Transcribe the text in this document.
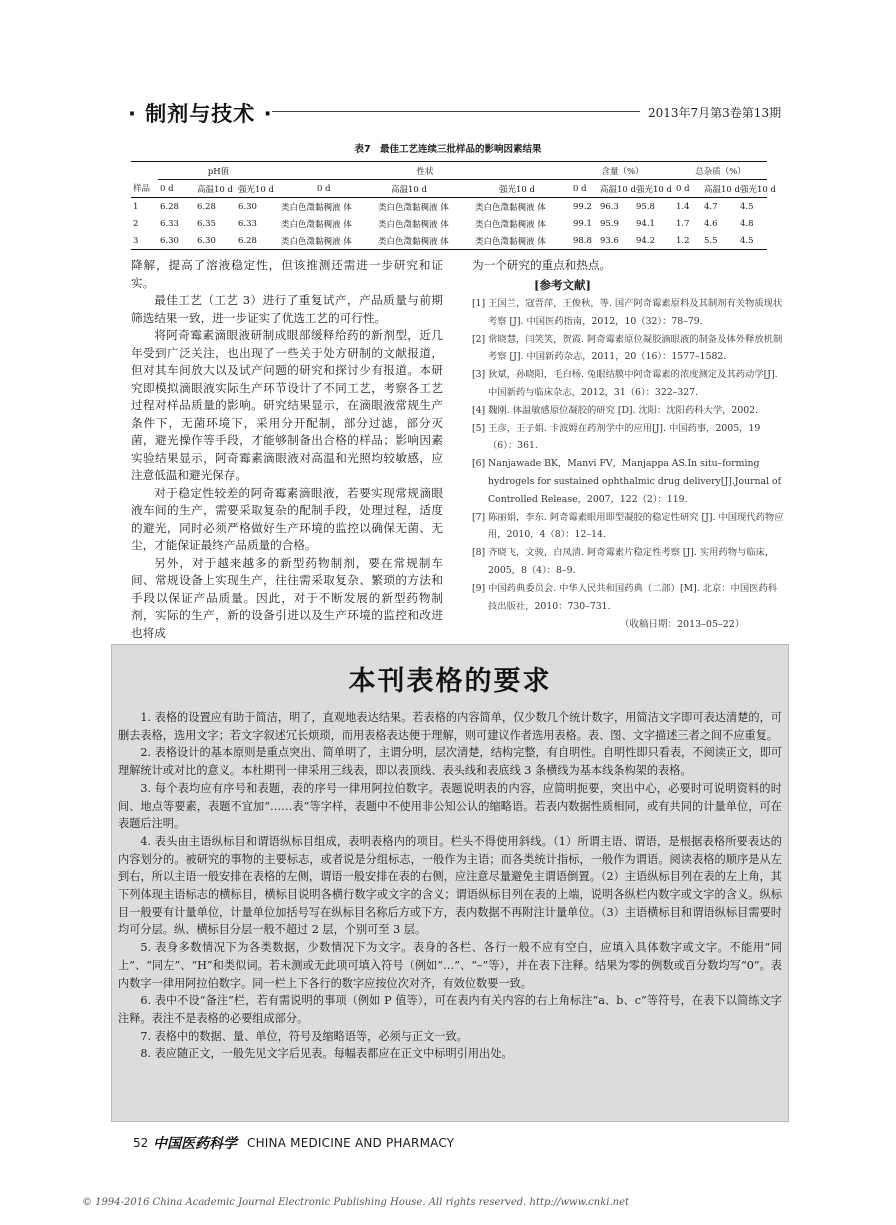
· 制剂与技术 ·	2013年7月第3卷第13期
表7　最佳工艺连续三批样品的影响因素结果
	pH值			性状			含量（%）			总杂质（%）		
样品	0 d	高温10 d	强光10 d	0 d	高温10 d	强光10 d	0 d	高温10 d	强光10 d	0 d	高温10 d	强光10 d
1	6.28	6.28	6.30	类白色澂黏稠液 体	类白色澂黏稠液 体	类白色澂黏稠液 体	99.2	96.3	95.8	1.4	4.7	4.5
2	6.33	6.35	6.33	类白色澂黏稠液 体	类白色澂黏稠液 体	类白色澂黏稠液 体	99.1	95.9	94.1	1.7	4.6	4.8
3	6.30	6.30	6.28	类白色澂黏稠液 体	类白色澂黏稠液 体	类白色澂黏稠液 体	98.8	93.6	94.2	1.2	5.5	4.5

降解，提高了溶液稳定性，但该推测还需进一步研究和证实。

最佳工艺（工艺 3）进行了重复试产，产品质量与前期筛选结果一致，进一步证实了优选工艺的可行性。

将阿奇霉素滴眼液研制成眼部缓释给药的新剂型，近几年受到广泛关注，也出现了一些关于处方研制的文献报道，但对其车间放大以及试产问题的研究和探讨少有报道。本研究即模拟滴眼液实际生产环节设计了不同工艺，考察各工艺过程对样品质量的影响。研究结果显示，在滴眼液常规生产条件下，无菌环境下，采用分开配制，部分过滤，部分灭菌，避光操作等手段，才能够制备出合格的样品；影响因素实验结果显示，阿奇霉素滴眼液对高温和光照均较敏感，应注意低温和避光保存。

对于稳定性较差的阿奇霉素滴眼液，若要实现常规滴眼液车间的生产，需要采取复杂的配制手段，处理过程，适度的避光，同时必须严格做好生产环境的监控以确保无菌、无尘，才能保证最终产品质量的合格。

另外，对于越来越多的新型药物制剂，要在常规制车间、常规设备上实现生产，往往需采取复杂、繁琐的方法和手段以保证产品质量。因此，对于不断发展的新型药物制剂，实际的生产，新的设备引进以及生产环境的监控和改进也将成

为一个研究的重点和热点。

[参考文献]
[1] 王国兰，寇晋萍，王俊秋，等. 国产阿奇霉素原料及其制剂有关物质现状考察 [J]. 中国医药指南，2012，10（32）：78–79.
[2] 常晓慧，闫笑笑，贺霞. 阿奇霉素原位凝胶滴眼液的制备及体外释放机制考察 [J]. 中国新药杂志，2011，20（16）：1577–1582.
[3] 狄斌，孙晓阳，毛白杨. 兔眼结膜中阿奇霉素的浓度测定及其药动学[J]. 中国新药与临床杂志，2012，31（6）：322–327.
[4] 魏刚. 体温敏感原位凝胶的研究 [D]. 沈阳：沈阳药科大学，2002.
[5] 王彦，王子娟. 卡波姆在药剂学中的应用[J]. 中国药事，2005，19（6）：361.
[6] Nanjawade BK，Manvi FV，Manjappa AS.In situ–forming hydrogels for sustained ophthalmic drug delivery[J].Journal of Controlled Release，2007，122（2）：119.
[7] 陈丽娟，李东. 阿奇霉素眼用即型凝胶的稳定性研究 [J]. 中国现代药物应用，2010，4（8）：12–14.
[8] 齐晓飞，文骏，白凤清. 阿奇霉素片稳定性考察 [J]. 实用药物与临床，2005，8（4）：8–9.
[9] 中国药典委员会. 中华人民共和国药典（二部）[M]. 北京：中国医药科技出版社，2010：730–731.
（收稿日期：2013–05–22）
本刊表格的要求

1. 表格的设置应有助于简洁，明了，直观地表达结果。若表格的内容简单，仅少数几个统计数字，用简洁文字即可表达清楚的，可删去表格，选用文字；若文字叙述冗长烦琐，而用表格表达便于理解，则可建议作者选用表格。表、图、文字描述三者之间不应重复。

2. 表格设计的基本原则是重点突出、简单明了，主谓分明，层次清楚，结构完整，有自明性。自明性即只看表，不阅读正文，即可理解统计或对比的意义。本杜期刊一律采用三线表，即以表顶线、表头线和表底线 3 条横线为基本线条构架的表格。

3. 每个表均应有序号和表题，表的序号一律用阿拉伯数字。表题说明表的内容，应简明扼要，突出中心，必要时可说明资料的时间、地点等要素，表题不宜加“……表”等字样，表题中不使用非公知公认的缩略语。若表内数据性质相同，或有共同的计量单位，可在表题后注明。

4. 表头由主语纵标目和谓语纵标目组成，表明表格内的项目。栏头不得使用斜线。（1）所谓主语、谓语，是根据表格所要表达的内容划分的。被研究的事物的主要标志，或者说是分组标志，一般作为主语；而各类统计指标，一般作为谓语。阅读表格的顺序是从左到右，所以主语一般安排在表格的左侧，谓语一般安排在表的右侧，应注意尽量避免主谓语倒置。（2）主语纵标目列在表的左上角，其下列体现主语标志的横标目，横标目说明各横行数字或文字的含义；谓语纵标目列在表的上端，说明各纵栏内数字或文字的含义。纵标目一般要有计量单位，计量单位加括号写在纵标目名称后方或下方，表内数据不再附注计量单位。（3）主语横标目和谓语纵标目需要时均可分层。纵、横标目分层一般不超过 2 层，个别可至 3 层。

5. 表身多数情况下为各类数据，少数情况下为文字。表身的各栏、各行一般不应有空白，应填入具体数字或文字。不能用“同上”、“同左”、“H”和类似词。若未测或无此项可填入符号（例如“…”、“–”等），并在表下注释。结果为零的例数或百分数均写“0”。表内数字一律用阿拉伯数字。同一栏上下各行的数字应按位次对齐，有效位数要一致。

6. 表中不设“备注”栏，若有需说明的事项（例如 P 值等），可在表内有关内容的右上角标注“a、b、c”等符号，在表下以简练文字注释。表注不是表格的必要组成部分。

7. 表格中的数据、量、单位，符号及缩略语等，必须与正文一致。

8. 表应随正文，一般先见文字后见表。每幅表都应在正文中标明引用出处。

52 中国医药科学 CHINA MEDICINE AND PHARMACY
© 1994-2016 China Academic Journal Electronic Publishing House. All rights reserved. http://www.cnki.net
